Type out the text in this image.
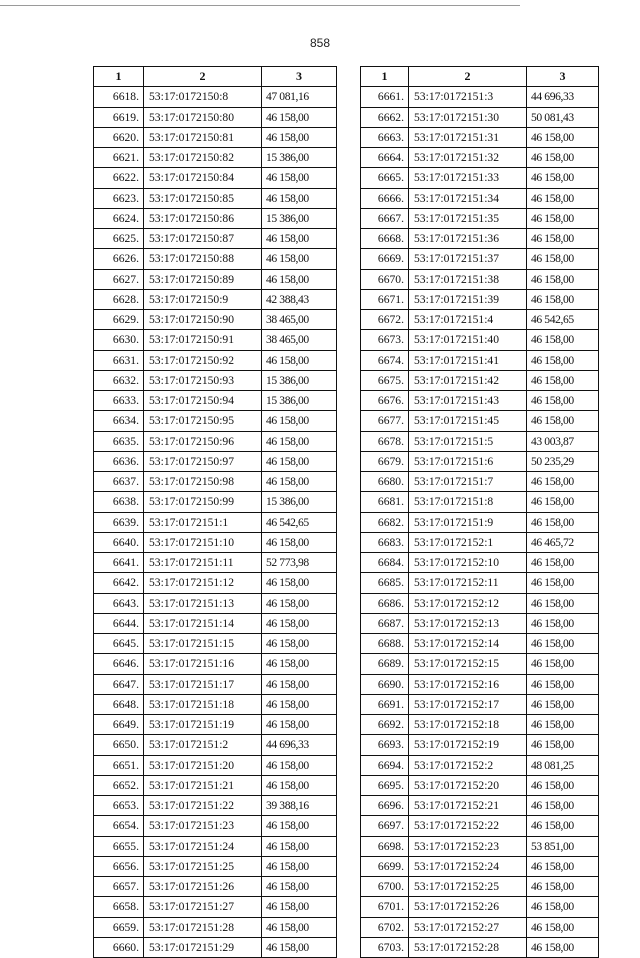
858
1	2	3
6618.	53:17:0172150:8	47 081,16
6619.	53:17:0172150:80	46 158,00
6620.	53:17:0172150:81	46 158,00
6621.	53:17:0172150:82	15 386,00
6622.	53:17:0172150:84	46 158,00
6623.	53:17:0172150:85	46 158,00
6624.	53:17:0172150:86	15 386,00
6625.	53:17:0172150:87	46 158,00
6626.	53:17:0172150:88	46 158,00
6627.	53:17:0172150:89	46 158,00
6628.	53:17:0172150:9	42 388,43
6629.	53:17:0172150:90	38 465,00
6630.	53:17:0172150:91	38 465,00
6631.	53:17:0172150:92	46 158,00
6632.	53:17:0172150:93	15 386,00
6633.	53:17:0172150:94	15 386,00
6634.	53:17:0172150:95	46 158,00
6635.	53:17:0172150:96	46 158,00
6636.	53:17:0172150:97	46 158,00
6637.	53:17:0172150:98	46 158,00
6638.	53:17:0172150:99	15 386,00
6639.	53:17:0172151:1	46 542,65
6640.	53:17:0172151:10	46 158,00
6641.	53:17:0172151:11	52 773,98
6642.	53:17:0172151:12	46 158,00
6643.	53:17:0172151:13	46 158,00
6644.	53:17:0172151:14	46 158,00
6645.	53:17:0172151:15	46 158,00
6646.	53:17:0172151:16	46 158,00
6647.	53:17:0172151:17	46 158,00
6648.	53:17:0172151:18	46 158,00
6649.	53:17:0172151:19	46 158,00
6650.	53:17:0172151:2	44 696,33
6651.	53:17:0172151:20	46 158,00
6652.	53:17:0172151:21	46 158,00
6653.	53:17:0172151:22	39 388,16
6654.	53:17:0172151:23	46 158,00
6655.	53:17:0172151:24	46 158,00
6656.	53:17:0172151:25	46 158,00
6657.	53:17:0172151:26	46 158,00
6658.	53:17:0172151:27	46 158,00
6659.	53:17:0172151:28	46 158,00
6660.	53:17:0172151:29	46 158,00
1	2	3
6661.	53:17:0172151:3	44 696,33
6662.	53:17:0172151:30	50 081,43
6663.	53:17:0172151:31	46 158,00
6664.	53:17:0172151:32	46 158,00
6665.	53:17:0172151:33	46 158,00
6666.	53:17:0172151:34	46 158,00
6667.	53:17:0172151:35	46 158,00
6668.	53:17:0172151:36	46 158,00
6669.	53:17:0172151:37	46 158,00
6670.	53:17:0172151:38	46 158,00
6671.	53:17:0172151:39	46 158,00
6672.	53:17:0172151:4	46 542,65
6673.	53:17:0172151:40	46 158,00
6674.	53:17:0172151:41	46 158,00
6675.	53:17:0172151:42	46 158,00
6676.	53:17:0172151:43	46 158,00
6677.	53:17:0172151:45	46 158,00
6678.	53:17:0172151:5	43 003,87
6679.	53:17:0172151:6	50 235,29
6680.	53:17:0172151:7	46 158,00
6681.	53:17:0172151:8	46 158,00
6682.	53:17:0172151:9	46 158,00
6683.	53:17:0172152:1	46 465,72
6684.	53:17:0172152:10	46 158,00
6685.	53:17:0172152:11	46 158,00
6686.	53:17:0172152:12	46 158,00
6687.	53:17:0172152:13	46 158,00
6688.	53:17:0172152:14	46 158,00
6689.	53:17:0172152:15	46 158,00
6690.	53:17:0172152:16	46 158,00
6691.	53:17:0172152:17	46 158,00
6692.	53:17:0172152:18	46 158,00
6693.	53:17:0172152:19	46 158,00
6694.	53:17:0172152:2	48 081,25
6695.	53:17:0172152:20	46 158,00
6696.	53:17:0172152:21	46 158,00
6697.	53:17:0172152:22	46 158,00
6698.	53:17:0172152:23	53 851,00
6699.	53:17:0172152:24	46 158,00
6700.	53:17:0172152:25	46 158,00
6701.	53:17:0172152:26	46 158,00
6702.	53:17:0172152:27	46 158,00
6703.	53:17:0172152:28	46 158,00
